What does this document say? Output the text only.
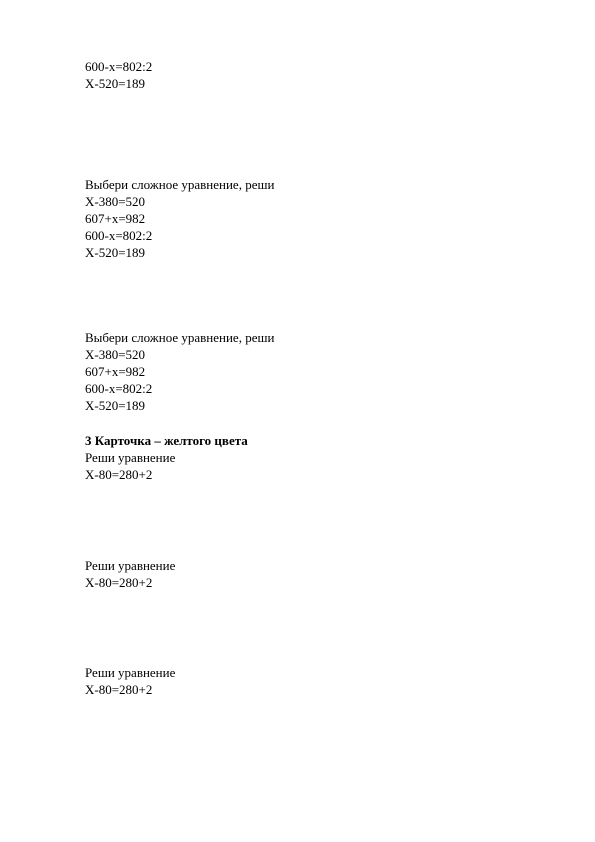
600-х=802:2
Х-520=189
Выбери сложное уравнение, реши
Х-380=520
607+х=982
600-х=802:2
Х-520=189
Выбери сложное уравнение, реши
Х-380=520
607+х=982
600-х=802:2
Х-520=189
3 Карточка – желтого цвета
Реши уравнение
Х-80=280+2
Реши уравнение
Х-80=280+2
Реши уравнение
Х-80=280+2
